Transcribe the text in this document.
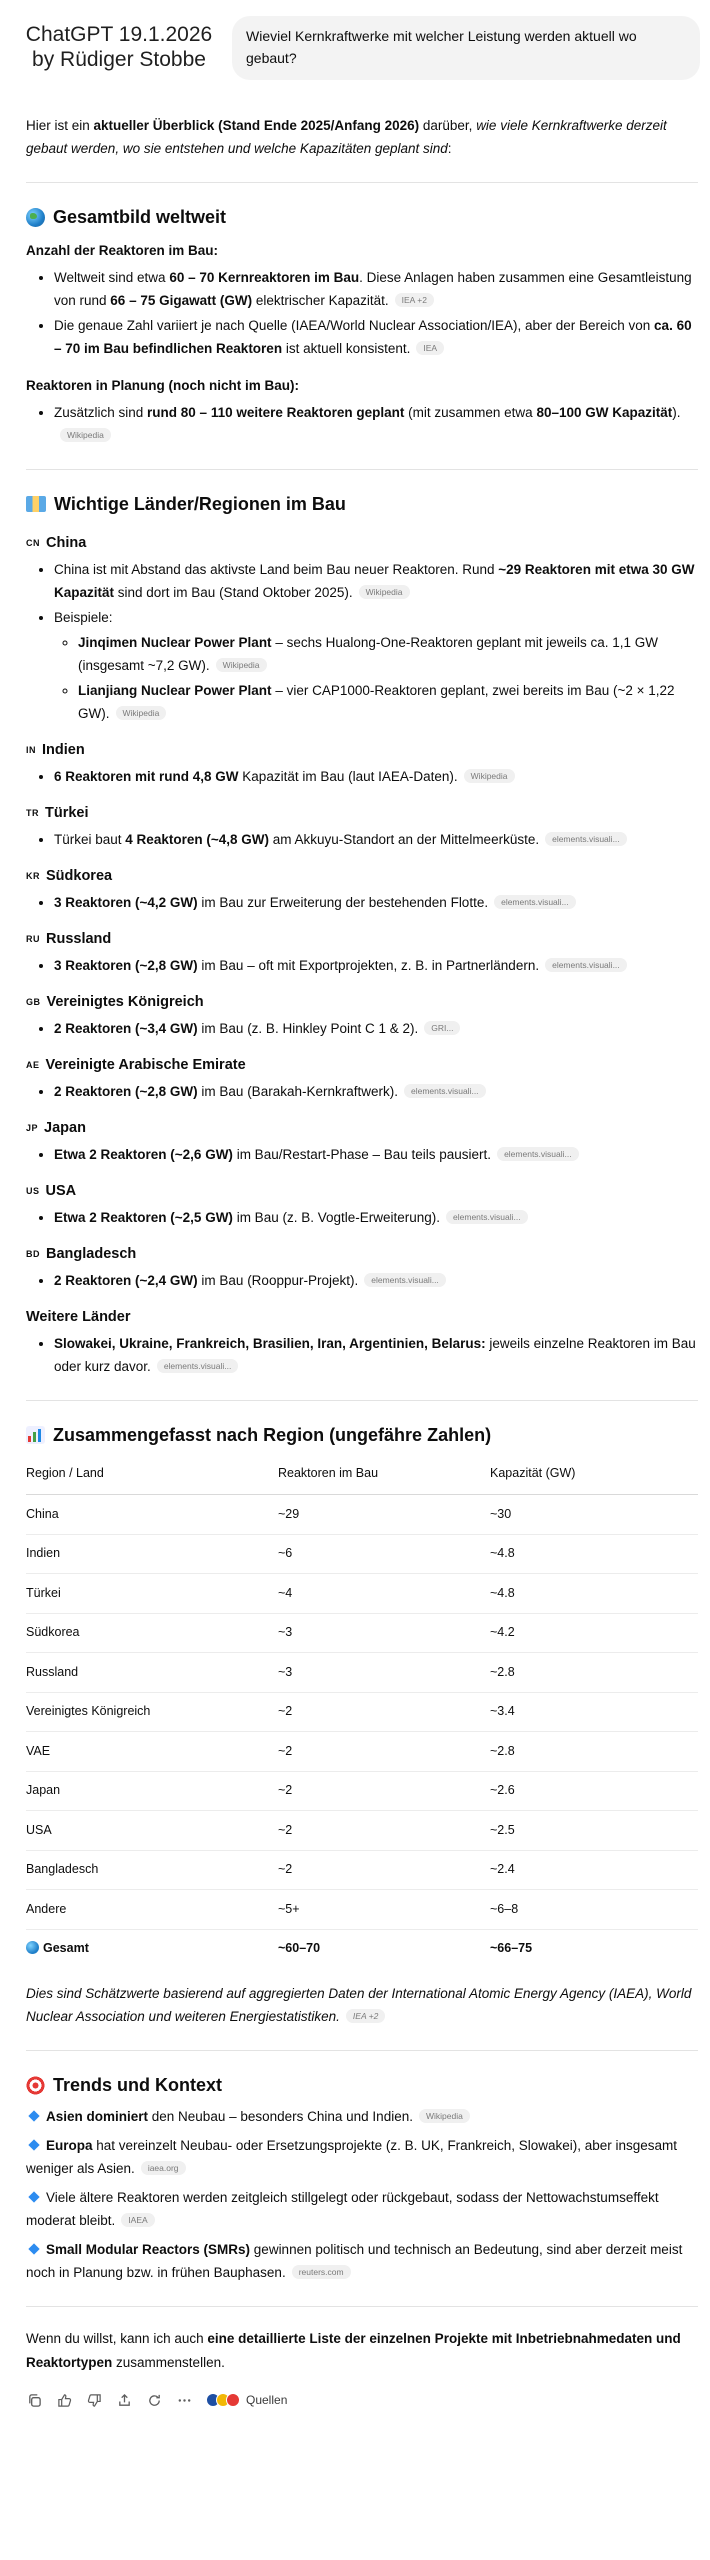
ChatGPT 19.1.2026
by Rüdiger Stobbe
Wieviel Kernkraftwerke mit welcher Leistung werden aktuell wo gebaut?

Hier ist ein aktueller Überblick (Stand Ende 2025/Anfang 2026) darüber, wie viele Kernkraftwerke derzeit gebaut werden, wo sie entstehen und welche Kapazitäten geplant sind:

Gesamtbild weltweit
Anzahl der Reaktoren im Bau:
• Weltweit sind etwa 60 – 70 Kernreaktoren im Bau. Diese Anlagen haben zusammen eine Gesamtleistung von rund 66 – 75 Gigawatt (GW) elektrischer Kapazität. IEA +2
• Die genaue Zahl variiert je nach Quelle (IAEA/World Nuclear Association/IEA), aber der Bereich von ca. 60 – 70 im Bau befindlichen Reaktoren ist aktuell konsistent. IEA
Reaktoren in Planung (noch nicht im Bau):
• Zusätzlich sind rund 80 – 110 weitere Reaktoren geplant (mit zusammen etwa 80–100 GW Kapazität).Wikipedia
Wichtige Länder/Regionen im Bau
CN China
• China ist mit Abstand das aktivste Land beim Bau neuer Reaktoren. Rund ~29 Reaktoren mit etwa 30 GW Kapazität sind dort im Bau (Stand Oktober 2025). Wikipedia
• Beispiele:
◦ Jinqimen Nuclear Power Plant – sechs Hualong-One-Reaktoren geplant mit jeweils ca. 1,1 GW (insgesamt ~7,2 GW). Wikipedia
◦ Lianjiang Nuclear Power Plant – vier CAP1000-Reaktoren geplant, zwei bereits im Bau (~2 × 1,22 GW). Wikipedia
IN Indien
• 6 Reaktoren mit rund 4,8 GW Kapazität im Bau (laut IAEA-Daten). Wikipedia
TR Türkei
• Türkei baut 4 Reaktoren (~4,8 GW) am Akkuyu-Standort an der Mittelmeerküste. elements.visuali...
KR Südkorea
• 3 Reaktoren (~4,2 GW) im Bau zur Erweiterung der bestehenden Flotte. elements.visuali...
RU Russland
• 3 Reaktoren (~2,8 GW) im Bau – oft mit Exportprojekten, z. B. in Partnerländern. elements.visuali...
GB Vereinigtes Königreich
• 2 Reaktoren (~3,4 GW) im Bau (z. B. Hinkley Point C 1 & 2). GRI...
AE Vereinigte Arabische Emirate
• 2 Reaktoren (~2,8 GW) im Bau (Barakah-Kernkraftwerk). elements.visuali...
JP Japan
• Etwa 2 Reaktoren (~2,6 GW) im Bau/Restart-Phase – Bau teils pausiert. elements.visuali...
US USA
• Etwa 2 Reaktoren (~2,5 GW) im Bau (z. B. Vogtle-Erweiterung). elements.visuali...
BD Bangladesch
• 2 Reaktoren (~2,4 GW) im Bau (Rooppur-Projekt). elements.visuali...
Weitere Länder
• Slowakei, Ukraine, Frankreich, Brasilien, Iran, Argentinien, Belarus: jeweils einzelne Reaktoren im Bau oder kurz davor. elements.visuali...
Zusammengefasst nach Region (ungefähre Zahlen)
Region / Land	Reaktoren im Bau	Kapazität (GW)
China	~29	~30
Indien	~6	~4.8
Türkei	~4	~4.8
Südkorea	~3	~4.2
Russland	~3	~2.8
Vereinigtes Königreich	~2	~3.4
VAE	~2	~2.8
Japan	~2	~2.6
USA	~2	~2.5
Bangladesch	~2	~2.4
Andere	~5+	~6–8
Gesamt	~60–70	~66–75

Dies sind Schätzwerte basierend auf aggregierten Daten der International Atomic Energy Agency (IAEA), World Nuclear Association und weiteren Energiestatistiken. IEA +2

Trends und Kontext

Asien dominiert den Neubau – besonders China und Indien. Wikipedia

Europa hat vereinzelt Neubau- oder Ersetzungsprojekte (z. B. UK, Frankreich, Slowakei), aber insgesamt weniger als Asien. iaea.org

Viele ältere Reaktoren werden zeitgleich stillgelegt oder rückgebaut, sodass der Nettowachstumseffekt moderat bleibt. IAEA

Small Modular Reactors (SMRs) gewinnen politisch und technisch an Bedeutung, sind aber derzeit meist noch in Planung bzw. in frühen Bauphasen. reuters.com

Wenn du willst, kann ich auch eine detaillierte Liste der einzelnen Projekte mit Inbetriebnahmedaten und Reaktortypen zusammenstellen.

Quellen
